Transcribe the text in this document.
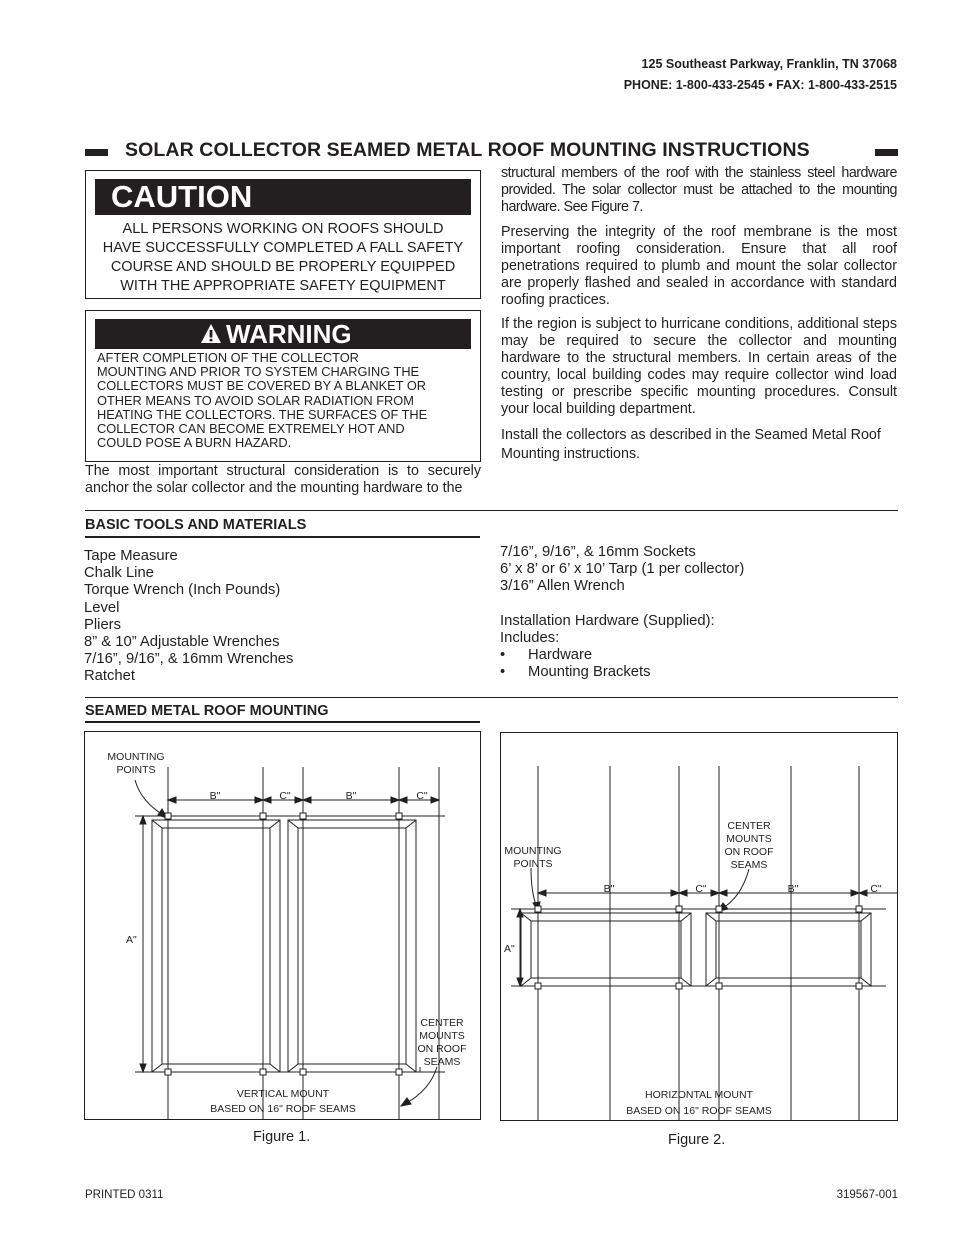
125 Southeast Parkway, Franklin, TN 37068
PHONE: 1-800-433-2545 • FAX: 1-800-433-2515
SOLAR COLLECTOR SEAMED METAL ROOF MOUNTING INSTRUCTIONS
CAUTION
ALL PERSONS WORKING ON ROOFS SHOULD
HAVE SUCCESSFULLY COMPLETED A FALL SAFETY
COURSE AND SHOULD BE PROPERLY EQUIPPED
WITH THE APPROPRIATE SAFETY EQUIPMENT
WARNING
AFTER COMPLETION OF THE COLLECTOR
MOUNTING AND PRIOR TO SYSTEM CHARGING THE
COLLECTORS MUST BE COVERED BY A BLANKET OR
OTHER MEANS TO AVOID SOLAR RADIATION FROM
HEATING THE COLLECTORS. THE SURFACES OF THE
COLLECTOR CAN BECOME EXTREMELY HOT AND
COULD POSE A BURN HAZARD.
The most important structural consideration is to securely anchor the solar collector and the mounting hardware to the
structural members of the roof with the stainless steel hardware provided. The solar collector must be attached to the mounting hardware. See Figure 7.
Preserving the integrity of the roof membrane is the most important roofing consideration. Ensure that all roof penetrations required to plumb and mount the solar collector are properly flashed and sealed in accordance with standard roofing practices.
If the region is subject to hurricane conditions, additional steps may be required to secure the collector and mounting hardware to the structural members. In certain areas of the country, local building codes may require collector wind load testing or prescribe specific mounting procedures. Consult your local building department.
Install the collectors as described in the Seamed Metal Roof Mounting instructions.
BASIC TOOLS AND MATERIALS
Tape Measure
Chalk Line
Torque Wrench (Inch Pounds)
Level
Pliers
8” & 10” Adjustable Wrenches
7/16”, 9/16”, & 16mm Wrenches
Ratchet
7/16”, 9/16”, & 16mm Sockets
6’ x 8’ or 6’ x 10’ Tarp (1 per collector)
3/16” Allen Wrench
Installation Hardware (Supplied):
Includes:
• Hardware
• Mounting Brackets
SEAMED METAL ROOF MOUNTING
MOUNTING
POINTS
B"	C"	B"	C"
A"
CENTER
MOUNTS
ON ROOF
SEAMS
VERTICAL MOUNT
BASED ON 16" ROOF SEAMS
Figure 1.
MOUNTING
POINTS
CENTER
MOUNTS
ON ROOF
SEAMS
B"	C"	B"	C"
A"
HORIZONTAL MOUNT
BASED ON 16" ROOF SEAMS
Figure 2.
PRINTED 0311	319567-001
